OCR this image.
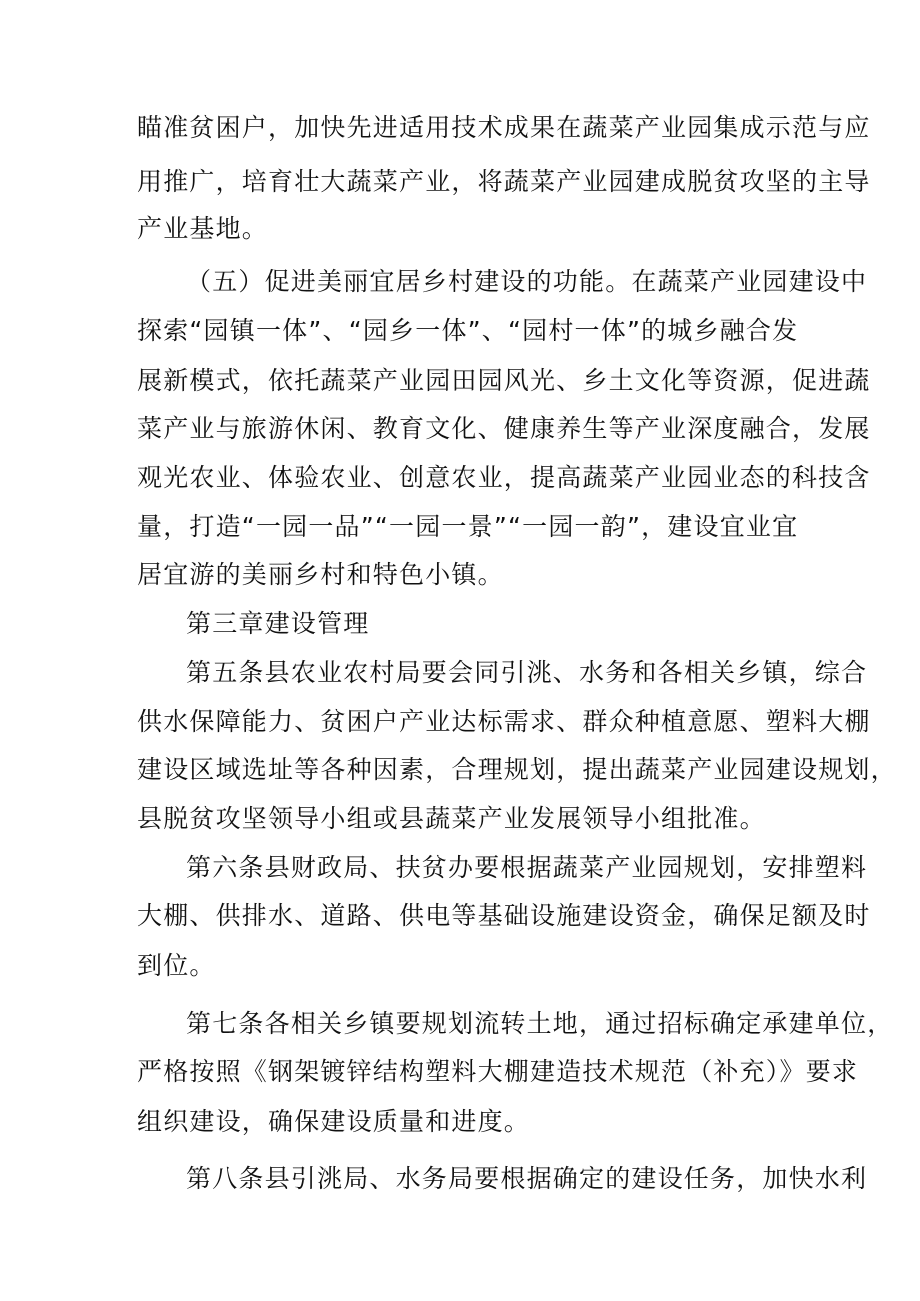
瞄准贫困户，加快先进适用技术成果在蔬菜产业园集成示范与应
用推广，培育壮大蔬菜产业，将蔬菜产业园建成脱贫攻坚的主导
产业基地。
（五）促进美丽宜居乡村建设的功能。在蔬菜产业园建设中
探索“园镇一体”、“园乡一体”、“园村一体”的城乡融合发
展新模式，依托蔬菜产业园田园风光、乡土文化等资源，促进蔬
菜产业与旅游休闲、教育文化、健康养生等产业深度融合，发展
观光农业、体验农业、创意农业，提高蔬菜产业园业态的科技含
量，打造“一园一品”“一园一景”“一园一韵”，建设宜业宜
居宜游的美丽乡村和特色小镇。
第三章建设管理
第五条县农业农村局要会同引洮、水务和各相关乡镇，综合
供水保障能力、贫困户产业达标需求、群众种植意愿、塑料大棚
建设区域选址等各种因素，合理规划，提出蔬菜产业园建设规划，
县脱贫攻坚领导小组或县蔬菜产业发展领导小组批准。
第六条县财政局、扶贫办要根据蔬菜产业园规划，安排塑料
大棚、供排水、道路、供电等基础设施建设资金，确保足额及时
到位。
第七条各相关乡镇要规划流转土地，通过招标确定承建单位，
严格按照《钢架镀锌结构塑料大棚建造技术规范（补充）》要求
组织建设，确保建设质量和进度。
第八条县引洮局、水务局要根据确定的建设任务，加快水利
